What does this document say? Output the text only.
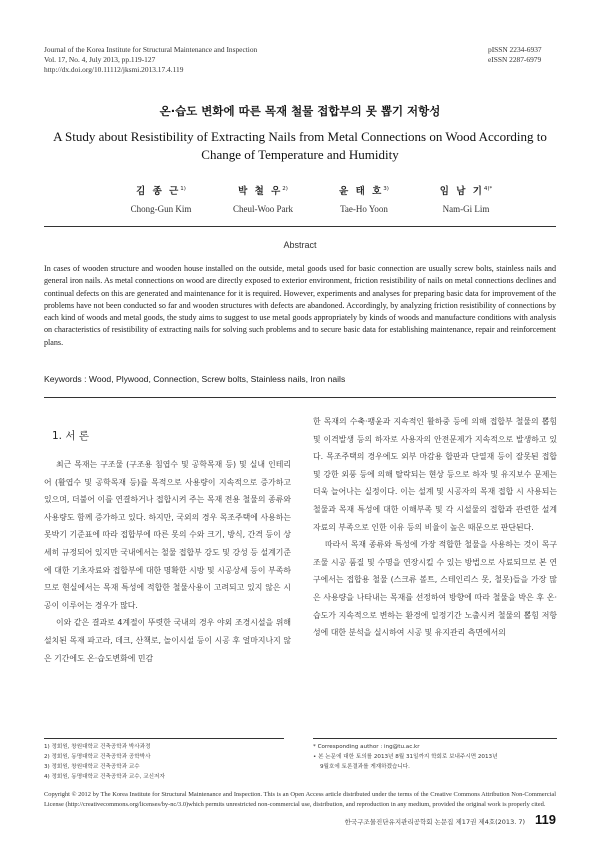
Journal of the Korea Institute for Structural Maintenance and Inspection
Vol. 17, No. 4, July 2013, pp.119-127
http://dx.doi.org/10.11112/jksmi.2013.17.4.119
pISSN 2234-6937
eISSN 2287-6979
온·습도 변화에 따른 목재 철물 접합부의 못 뽑기 저항성
A Study about Resistibility of Extracting Nails from Metal Connections on Wood According to Change of Temperature and Humidity
김 종 근$^{1)}$
Chong-Gun Kim
박 철 우$^{2)}$
Cheul-Woo Park
윤 태 호$^{3)}$
Tae-Ho Yoon
임 남 기$^{4)*}$
Nam-Gi Lim
Abstract
In cases of wooden structure and wooden house installed on the outside, metal goods used for basic connection are usually screw bolts, stainless nails and general iron nails. As metal connections on wood are directly exposed to exterior environment, friction resistibility of nails on metal connections declines and continual defects on this are generated and maintenance for it is required. However, experiments and analyses for preparing basic data for improvement of the problems have not been conducted so far and wooden structures with defects are abandoned. Accordingly, by analyzing friction resistibility of connections by each kind of woods and metal goods, the study aims to suggest to use metal goods appropriately by kinds of woods and manufacture conditions with analysis on characteristics of resistibility of extracting nails for solving such problems and to secure basic data for establishing maintenance, repair and reinforcement plans.
Keywords : Wood, Plywood, Connection, Screw bolts, Stainless nails, Iron nails
1. 서 론

최근 목재는 구조물 (구조용 침엽수 및 공학목재 등) 및 실내 인테리어 (활엽수 및 공학목재 등)를 목적으로 사용량이 지속적으로 증가하고 있으며, 더불어 이를 연결하거나 접합시켜 주는 목재 전용 철물의 종류와 사용량도 함께 증가하고 있다. 하지만, 국외의 경우 목조주택에 사용하는 못박기 기준표에 따라 접합부에 따른 못의 수와 크기, 방식, 간격 등이 상세히 규정되어 있지만 국내에서는 철물 접합부 강도 및 강성 등 설계기준에 대한 기초자료와 접합부에 대한 명확한 시방 및 시공상세 등이 부족하므로 현실에서는 목재 특성에 적합한 철물사용이 고려되고 있지 않은 시공이 이루어는 경우가 많다.

이와 같은 결과로 4계절이 뚜렷한 국내의 경우 야외 조경시설을 위해 설치된 목재 파고라, 데크, 산책로, 놀이시설 등이 시공 후 얼마지나지 않은 기간에도 온·습도변화에 민감

한 목재의 수축·팽윤과 지속적인 활하중 등에 의해 접합부 철물의 뽑힘 및 이격발생 등의 하자로 사용자의 안전문제가 지속적으로 발생하고 있다. 목조주택의 경우에도 외부 마감용 합판과 단열재 등이 잘못된 접합 및 강한 외풍 등에 의해 탈락되는 현상 등으로 하자 및 유지보수 문제는 더욱 늘어나는 실정이다. 이는 설계 및 시공자의 목재 접합 시 사용되는 철물과 목재 특성에 대한 이해부족 및 각 시설물의 접합과 관련한 설계 자료의 부족으로 인한 이유 등의 비율이 높은 때문으로 판단된다.

따라서 목재 종류와 특성에 가장 적합한 철물을 사용하는 것이 목구조물 시공 품질 및 수명을 연장시킬 수 있는 방법으로 사료되므로 본 연구에서는 접합용 철물 (스크류 볼트, 스테인리스 못, 철못)들을 가장 많은 사용량을 나타내는 목재를 선정하여 방향에 따라 철물을 박은 후 온·습도가 지속적으로 변하는 환경에 일정기간 노출시켜 철물의 뽑힘 저항성에 대한 분석을 실시하여 시공 및 유지관리 측면에서의

1) 정회원, 창원대학교 건축공학과 박사과정
2) 정회원, 동명대학교 건축공학과 공학박사
3) 정회원, 창원대학교 건축공학과 교수
4) 정회원, 동명대학교 건축공학과 교수, 교신저자
* Corresponding author : ing@tu.ac.kr
• 본 논문에 대한 토의를 2013년 8월 31일까지 학회로 보내주시면 2013년
9월호에 토론결과를 게재하겠습니다.
Copyright © 2012 by The Korea Institute for Structural Maintenance and Inspection. This is an Open Access article distributed under the terms of the Creative Commons Attribution Non-Commercial License (http://creativecommons.org/licenses/by-nc/3.0)which permits unrestricted non-commercial use, distribution, and reproduction in any medium, provided the original work is properly cited.
한국구조물진단유지관리공학회 논문집 제17권 제4호(2013. 7) 119
